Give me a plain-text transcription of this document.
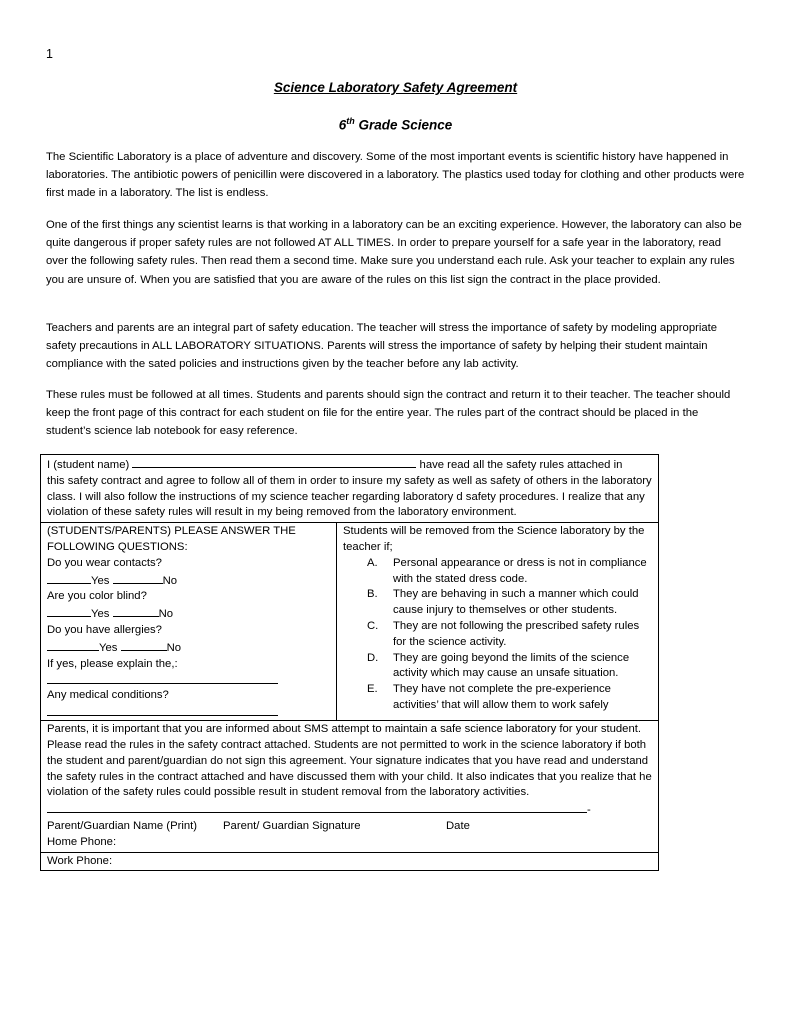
1
Science Laboratory Safety Agreement
6th Grade Science

The Scientific Laboratory is a place of adventure and discovery. Some of the most important events is scientific history have happened in laboratories. The antibiotic powers of penicillin were discovered in a laboratory. The plastics used today for clothing and other products were first made in a laboratory. The list is endless.

One of the first things any scientist learns is that working in a laboratory can be an exciting experience. However, the laboratory can also be quite dangerous if proper safety rules are not followed AT ALL TIMES. In order to prepare yourself for a safe year in the laboratory, read over the following safety rules. Then read them a second time. Make sure you understand each rule. Ask your teacher to explain any rules you are unsure of. When you are satisfied that you are aware of the rules on this list sign the contract in the place provided.

Teachers and parents are an integral part of safety education. The teacher will stress the importance of safety by modeling appropriate safety precautions in ALL LABORATORY SITUATIONS. Parents will stress the importance of safety by helping their student maintain compliance with the sated policies and instructions given by the teacher before any lab activity.

These rules must be followed at all times. Students and parents should sign the contract and return it to their teacher. The teacher should keep the front page of this contract for each student on file for the entire year. The rules part of the contract should be placed in the student’s science lab notebook for easy reference.

I (student name)	have read all the safety rules attached in
this safety contract and agree to follow all of them in order to insure my safety as well as safety of others in the laboratory class. I will also follow the instructions of my science teacher regarding laboratory d safety procedures. I realize that any violation of these safety rules will result in my being removed from the laboratory environment.

(STUDENTS/PARENTS) PLEASE ANSWER THE FOLLOWING QUESTIONS:
Do you wear contacts?
Yes	No
Are you color blind?
Yes	No
Do you have allergies?
Yes	No
If yes, please explain the,:
Any medical conditions?

Students will be removed from the Science laboratory by the teacher if;
A. Personal appearance or dress is not in compliance with the stated dress code.
B. They are behaving in such a manner which could cause injury to themselves or other students.
C. They are not following the prescribed safety rules for the science activity.
D. They are going beyond the limits of the science activity which may cause an unsafe situation.
E. They have not complete the pre-experience activities’ that will allow them to work safely

Parents, it is important that you are informed about SMS attempt to maintain a safe science laboratory for your student. Please read the rules in the safety contract attached. Students are not permitted to work in the science laboratory if both the student and parent/guardian do not sign this agreement. Your signature indicates that you have read and understand the safety rules in the contract attached and have discussed them with your child. It also indicates that you realize that he violation of the safety rules could possible result in student removal from the laboratory activities.
-
Parent/Guardian Name (Print) Parent/ Guardian Signature	Date
Home Phone:

Work Phone:
